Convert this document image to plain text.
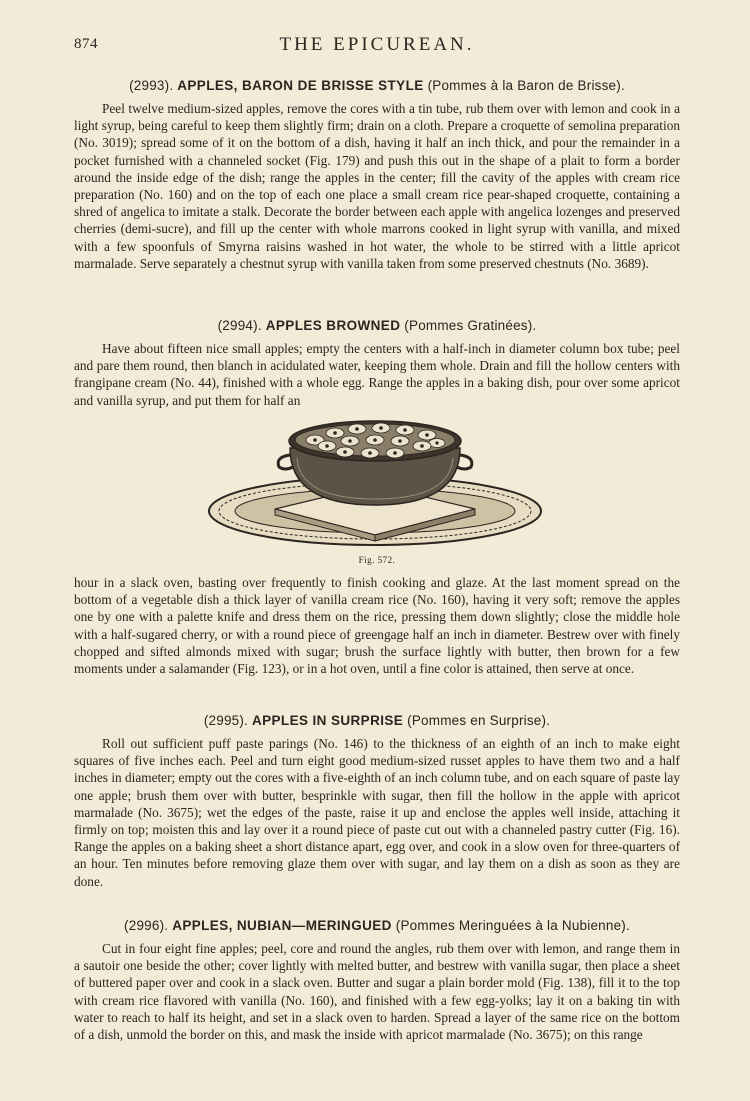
874	THE EPICUREAN.
(2993). APPLES, BARON DE BRISSE STYLE (Pommes à la Baron de Brisse).

Peel twelve medium-sized apples, remove the cores with a tin tube, rub them over with lemon and cook in a light syrup, being careful to keep them slightly firm; drain on a cloth. Prepare a croquette of semolina preparation (No. 3019); spread some of it on the bottom of a dish, having it half an inch thick, and pour the remainder in a pocket furnished with a channeled socket (Fig. 179) and push this out in the shape of a plait to form a border around the inside edge of the dish; range the apples in the center; fill the cavity of the apples with cream rice preparation (No. 160) and on the top of each one place a small cream rice pear-shaped croquette, containing a shred of angelica to imitate a stalk. Decorate the border between each apple with angelica lozenges and preserved cherries (demi-sucre), and fill up the center with whole marrons cooked in light syrup with vanilla, and mixed with a few spoonfuls of Smyrna raisins washed in hot water, the whole to be stirred with a little apricot marmalade. Serve separately a chestnut syrup with vanilla taken from some preserved chestnuts (No. 3689).

(2994). APPLES BROWNED (Pommes Gratinées).

Have about fifteen nice small apples; empty the centers with a half-inch in diameter column box tube; peel and pare them round, then blanch in acidulated water, keeping them whole. Drain and fill the hollow centers with frangipane cream (No. 44), finished with a whole egg. Range the apples in a baking dish, pour over some apricot and vanilla syrup, and put them for half an

Fig. 572.

hour in a slack oven, basting over frequently to finish cooking and glaze. At the last moment spread on the bottom of a vegetable dish a thick layer of vanilla cream rice (No. 160), having it very soft; remove the apples one by one with a palette knife and dress them on the rice, pressing them down slightly; close the middle hole with a half-sugared cherry, or with a round piece of greengage half an inch in diameter. Bestrew over with finely chopped and sifted almonds mixed with sugar; brush the surface lightly with butter, then brown for a few moments under a salamander (Fig. 123), or in a hot oven, until a fine color is attained, then serve at once.

(2995). APPLES IN SURPRISE (Pommes en Surprise).

Roll out sufficient puff paste parings (No. 146) to the thickness of an eighth of an inch to make eight squares of five inches each. Peel and turn eight good medium-sized russet apples to have them two and a half inches in diameter; empty out the cores with a five-eighth of an inch column tube, and on each square of paste lay one apple; brush them over with butter, besprinkle with sugar, then fill the hollow in the apple with apricot marmalade (No. 3675); wet the edges of the paste, raise it up and enclose the apples well inside, attaching it firmly on top; moisten this and lay over it a round piece of paste cut out with a channeled pastry cutter (Fig. 16). Range the apples on a baking sheet a short distance apart, egg over, and cook in a slow oven for three-quarters of an hour. Ten minutes before removing glaze them over with sugar, and lay them on a dish as soon as they are done.

(2996). APPLES, NUBIAN—MERINGUED (Pommes Meringuées à la Nubienne).

Cut in four eight fine apples; peel, core and round the angles, rub them over with lemon, and range them in a sautoir one beside the other; cover lightly with melted butter, and bestrew with vanilla sugar, then place a sheet of buttered paper over and cook in a slack oven. Butter and sugar a plain border mold (Fig. 138), fill it to the top with cream rice flavored with vanilla (No. 160), and finished with a few egg-yolks; lay it on a baking tin with water to reach to half its height, and set in a slack oven to harden. Spread a layer of the same rice on the bottom of a dish, unmold the border on this, and mask the inside with apricot marmalade (No. 3675); on this range
